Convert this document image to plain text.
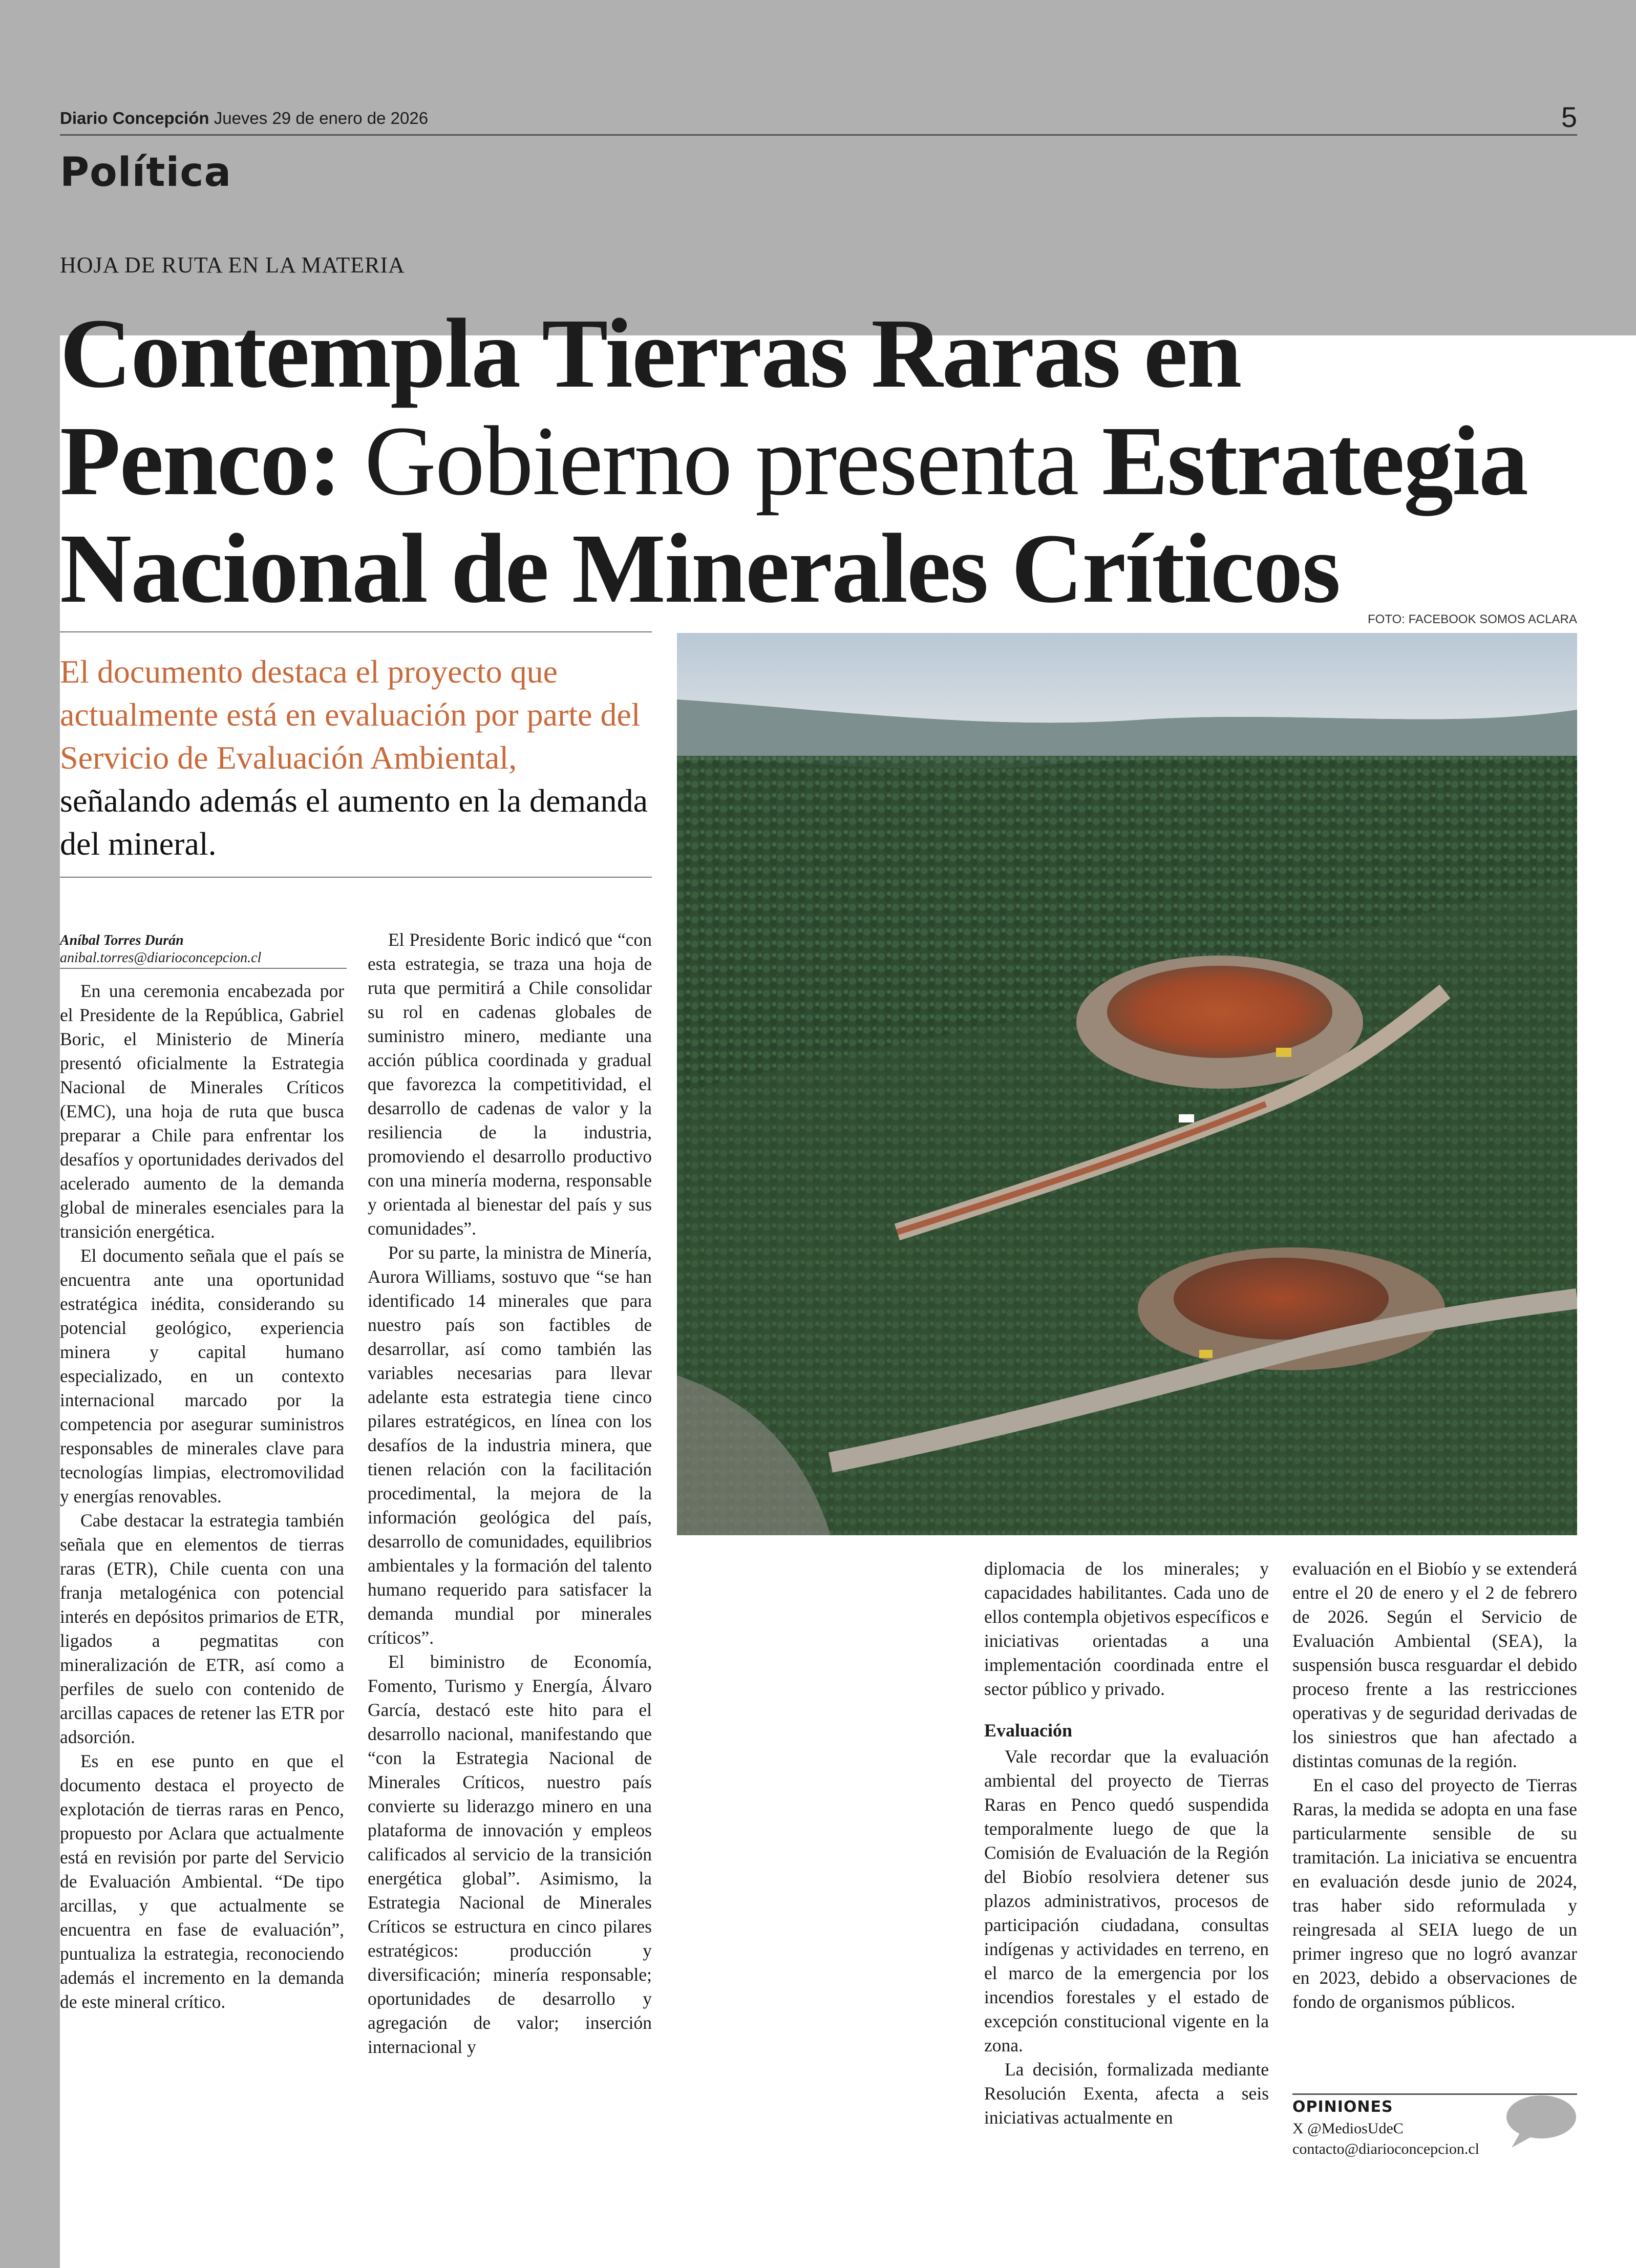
Diario Concepción Jueves 29 de enero de 2026	5
Política
HOJA DE RUTA EN LA MATERIA
Contempla Tierras Raras en
Penco: Gobierno presenta Estrategia
Nacional de Minerales Críticos	FOTO: FACEBOOK SOMOS ACLARA
El documento destaca el proyecto que actualmente está en evaluación por parte del Servicio de Evaluación Ambiental, señalando además el aumento en la demanda del mineral.
Aníbal Torres Durán
anibal.torres@diarioconcepcion.cl

En una ceremonia encabezada por el Presidente de la República, Gabriel Boric, el Ministerio de Minería presentó oficialmente la Estrategia Nacional de Minerales Críticos (EMC), una hoja de ruta que busca preparar a Chile para enfrentar los desafíos y oportunidades derivados del acelerado aumento de la demanda global de minerales esenciales para la transición energética.

El documento señala que el país se encuentra ante una oportunidad estratégica inédita, considerando su potencial geológico, experiencia minera y capital humano especializado, en un contexto internacional marcado por la competencia por asegurar suministros responsables de minerales clave para tecnologías limpias, electromovilidad y energías renovables.

Cabe destacar la estrategia también señala que en elementos de tierras raras (ETR), Chile cuenta con una franja metalogénica con potencial interés en depósitos primarios de ETR, ligados a pegmatitas con mineralización de ETR, así como a perfiles de suelo con contenido de arcillas capaces de retener las ETR por adsorción.

Es en ese punto en que el documento destaca el proyecto de explotación de tierras raras en Penco, propuesto por Aclara que actualmente está en revisión por parte del Servicio de Evaluación Ambiental. “De tipo arcillas, y que actualmente se encuentra en fase de evaluación”, puntualiza la estrategia, reconociendo además el incremento en la demanda de este mineral crítico.

El Presidente Boric indicó que “con esta estrategia, se traza una hoja de ruta que permitirá a Chile consolidar su rol en cadenas globales de suministro minero, mediante una acción pública coordinada y gradual que favorezca la competitividad, el desarrollo de cadenas de valor y la resiliencia de la industria, promoviendo el desarrollo productivo con una minería moderna, responsable y orientada al bienestar del país y sus comunidades”.

Por su parte, la ministra de Minería, Aurora Williams, sostuvo que “se han identificado 14 minerales que para nuestro país son factibles de desarrollar, así como también las variables necesarias para llevar adelante esta estrategia tiene cinco pilares estratégicos, en línea con los desafíos de la industria minera, que tienen relación con la facilitación procedimental, la mejora de la información geológica del país, desarrollo de comunidades, equilibrios ambientales y la formación del talento humano requerido para satisfacer la demanda mundial por minerales críticos”.

El biministro de Economía, Fomento, Turismo y Energía, Álvaro García, destacó este hito para el desarrollo nacional, manifestando que “con la Estrategia Nacional de Minerales Críticos, nuestro país convierte su liderazgo minero en una plataforma de innovación y empleos calificados al servicio de la transición energética global”. Asimismo, la Estrategia Nacional de Minerales Críticos se estructura en cinco pilares estratégicos: producción y diversificación; minería responsable; oportunidades de desarrollo y agregación de valor; inserción internacional y

diplomacia de los minerales; y capacidades habilitantes. Cada uno de ellos contempla objetivos específicos e iniciativas orientadas a una implementación coordinada entre el sector público y privado.

Evaluación

Vale recordar que la evaluación ambiental del proyecto de Tierras Raras en Penco quedó suspendida temporalmente luego de que la Comisión de Evaluación de la Región del Biobío resolviera detener sus plazos administrativos, procesos de participación ciudadana, consultas indígenas y actividades en terreno, en el marco de la emergencia por los incendios forestales y el estado de excepción constitucional vigente en la zona.

La decisión, formalizada mediante Resolución Exenta, afecta a seis iniciativas actualmente en

evaluación en el Biobío y se extenderá entre el 20 de enero y el 2 de febrero de 2026. Según el Servicio de Evaluación Ambiental (SEA), la suspensión busca resguardar el debido proceso frente a las restricciones operativas y de seguridad derivadas de los siniestros que han afectado a distintas comunas de la región.

En el caso del proyecto de Tierras Raras, la medida se adopta en una fase particularmente sensible de su tramitación. La iniciativa se encuentra en evaluación desde junio de 2024, tras haber sido reformulada y reingresada al SEIA luego de un primer ingreso que no logró avanzar en 2023, debido a observaciones de fondo de organismos públicos.

OPINIONES
X @MediosUdeC
contacto@diarioconcepcion.cl
